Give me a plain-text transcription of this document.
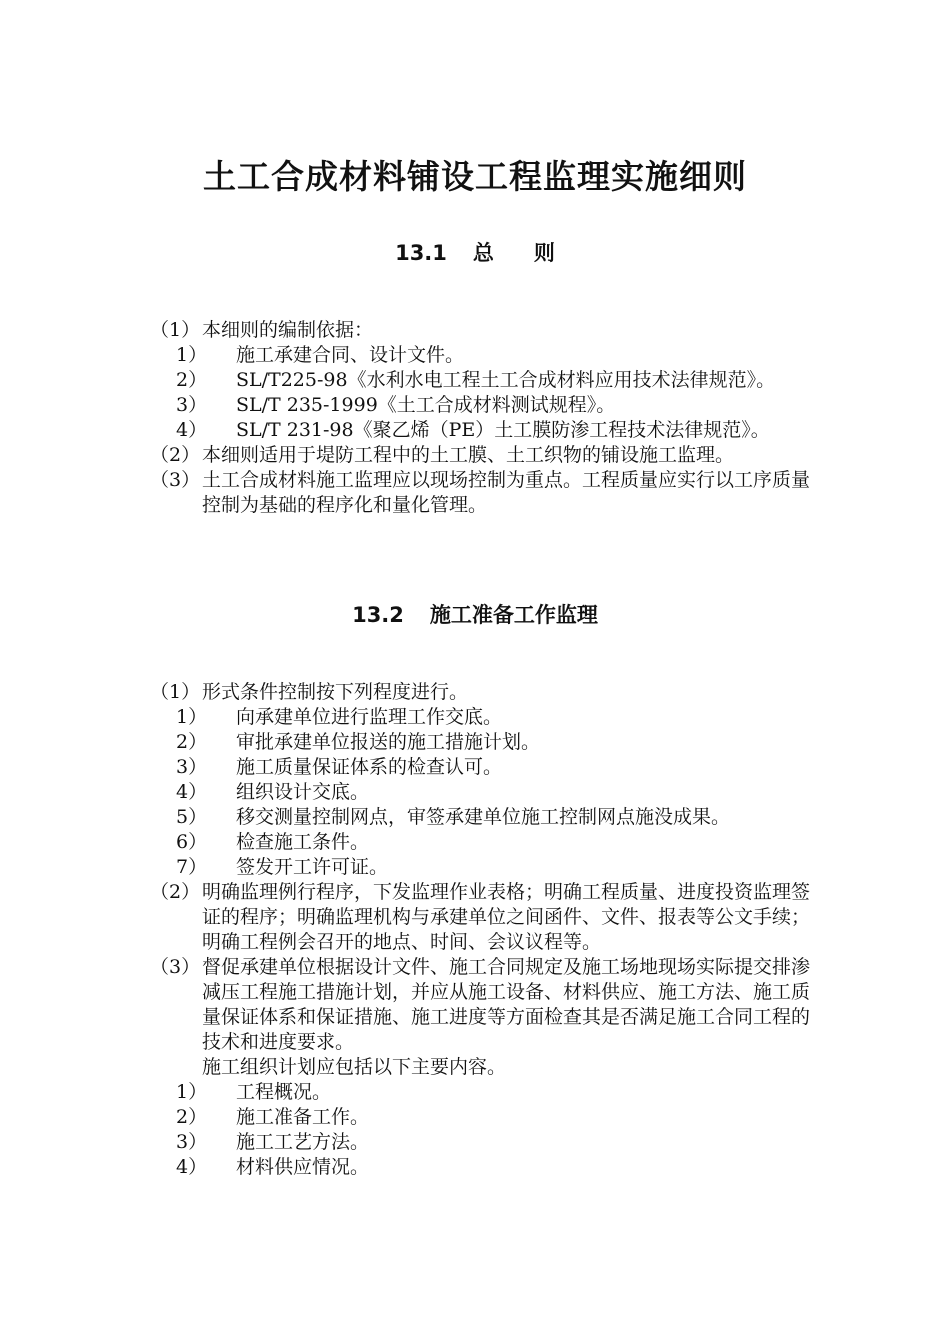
土工合成材料铺设工程监理实施细则
13.1 总 则
（1） 本细则的编制依据：
1） 施工承建合同、设计文件。
2） SL/T225-98《水利水电工程土工合成材料应用技术法律规范》。
3） SL/T 235-1999《土工合成材料测试规程》。
4） SL/T 231-98《聚乙烯（PE）土工膜防渗工程技术法律规范》。
（2） 本细则适用于堤防工程中的土工膜、土工织物的铺设施工监理。
（3） 土工合成材料施工监理应以现场控制为重点。工程质量应实行以工序质量控制为基础的程序化和量化管理。
13.2 施工准备工作监理
（1） 形式条件控制按下列程度进行。
1） 向承建单位进行监理工作交底。
2） 审批承建单位报送的施工措施计划。
3） 施工质量保证体系的检查认可。
4） 组织设计交底。
5） 移交测量控制网点，审签承建单位施工控制网点施没成果。
6） 检查施工条件。
7） 签发开工许可证。
（2） 明确监理例行程序，下发监理作业表格；明确工程质量、进度投资监理签证的程序；明确监理机构与承建单位之间函件、文件、报表等公文手续；明确工程例会召开的地点、时间、会议议程等。
（3） 督促承建单位根据设计文件、施工合同规定及施工场地现场实际提交排渗减压工程施工措施计划，并应从施工设备、材料供应、施工方法、施工质量保证体系和保证措施、施工进度等方面检查其是否满足施工合同工程的技术和进度要求。
施工组织计划应包括以下主要内容。
1） 工程概况。
2） 施工准备工作。
3） 施工工艺方法。
4） 材料供应情况。
